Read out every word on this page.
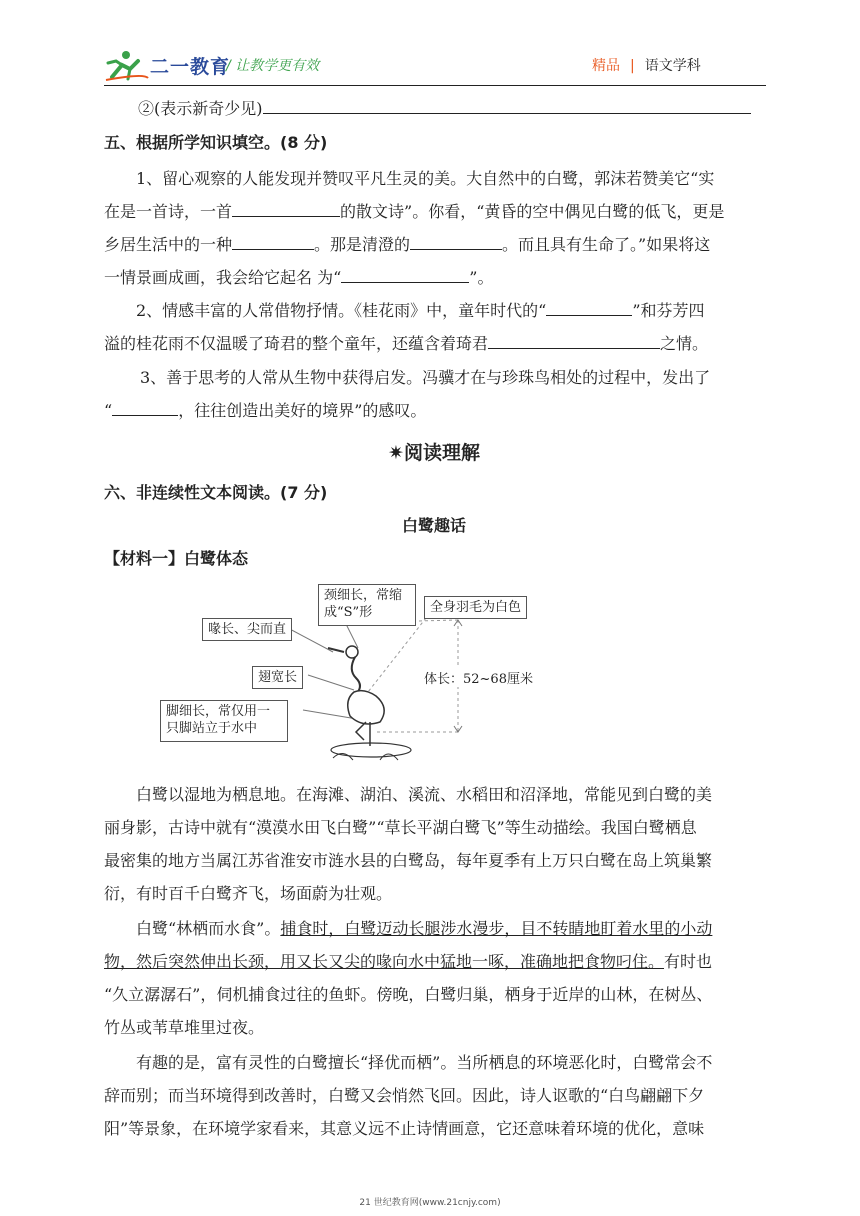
二一教育
/ 让教学更有效	精品 | 语文学科
②(表示新奇少见)
五、根据所学知识填空。(8 分)
1、留心观察的人能发现并赞叹平凡生灵的美。大自然中的白鹭，郭沫若赞美它“实
在是一首诗，一首	的散文诗”。你看，“黄昏的空中偶见白鹭的低飞，更是
乡居生活中的一种	。那是清澄的	。而且具有生命了。”如果将这
一情景画成画，我会给它起名 为“	”。
2、情感丰富的人常借物抒情。《桂花雨》中，童年时代的“	”和芬芳四
溢的桂花雨不仅温暖了琦君的整个童年，还蕴含着琦君	之情。
3、善于思考的人常从生物中获得启发。冯骥才在与珍珠鸟相处的过程中，发出了
“	，往往创造出美好的境界”的感叹。
✷阅读理解
六、非连续性文本阅读。(7 分)
白鹭趣话
【材料一】白鹭体态
颈细长，常缩成“S”形	全身羽毛为白色
喙长、尖而直
翅宽长
脚细长，常仅用一只脚站立于水中
体长：52~68厘米
白鹭以湿地为栖息地。在海滩、湖泊、溪流、水稻田和沼泽地，常能见到白鹭的美
丽身影，古诗中就有“漠漠水田飞白鹭”“草长平湖白鹭飞”等生动描绘。我国白鹭栖息
最密集的地方当属江苏省淮安市涟水县的白鹭岛，每年夏季有上万只白鹭在岛上筑巢繁
衍，有时百千白鹭齐飞，场面蔚为壮观。
白鹭“林栖而水食”。捕食时，白鹭迈动长腿涉水漫步，目不转睛地盯着水里的小动
物，然后突然伸出长颈，用又长又尖的喙向水中猛地一啄，准确地把食物叼住。有时也
“久立潺潺石”，伺机捕食过往的鱼虾。傍晚，白鹭归巢，栖身于近岸的山林，在树丛、
竹丛或苇草堆里过夜。
有趣的是，富有灵性的白鹭擅长“择优而栖”。当所栖息的环境恶化时，白鹭常会不
辞而别；而当环境得到改善时，白鹭又会悄然飞回。因此，诗人讴歌的“白鸟翩翩下夕
阳”等景象，在环境学家看来，其意义远不止诗情画意，它还意味着环境的优化，意味
21 世纪教育网(www.21cnjy.com)
